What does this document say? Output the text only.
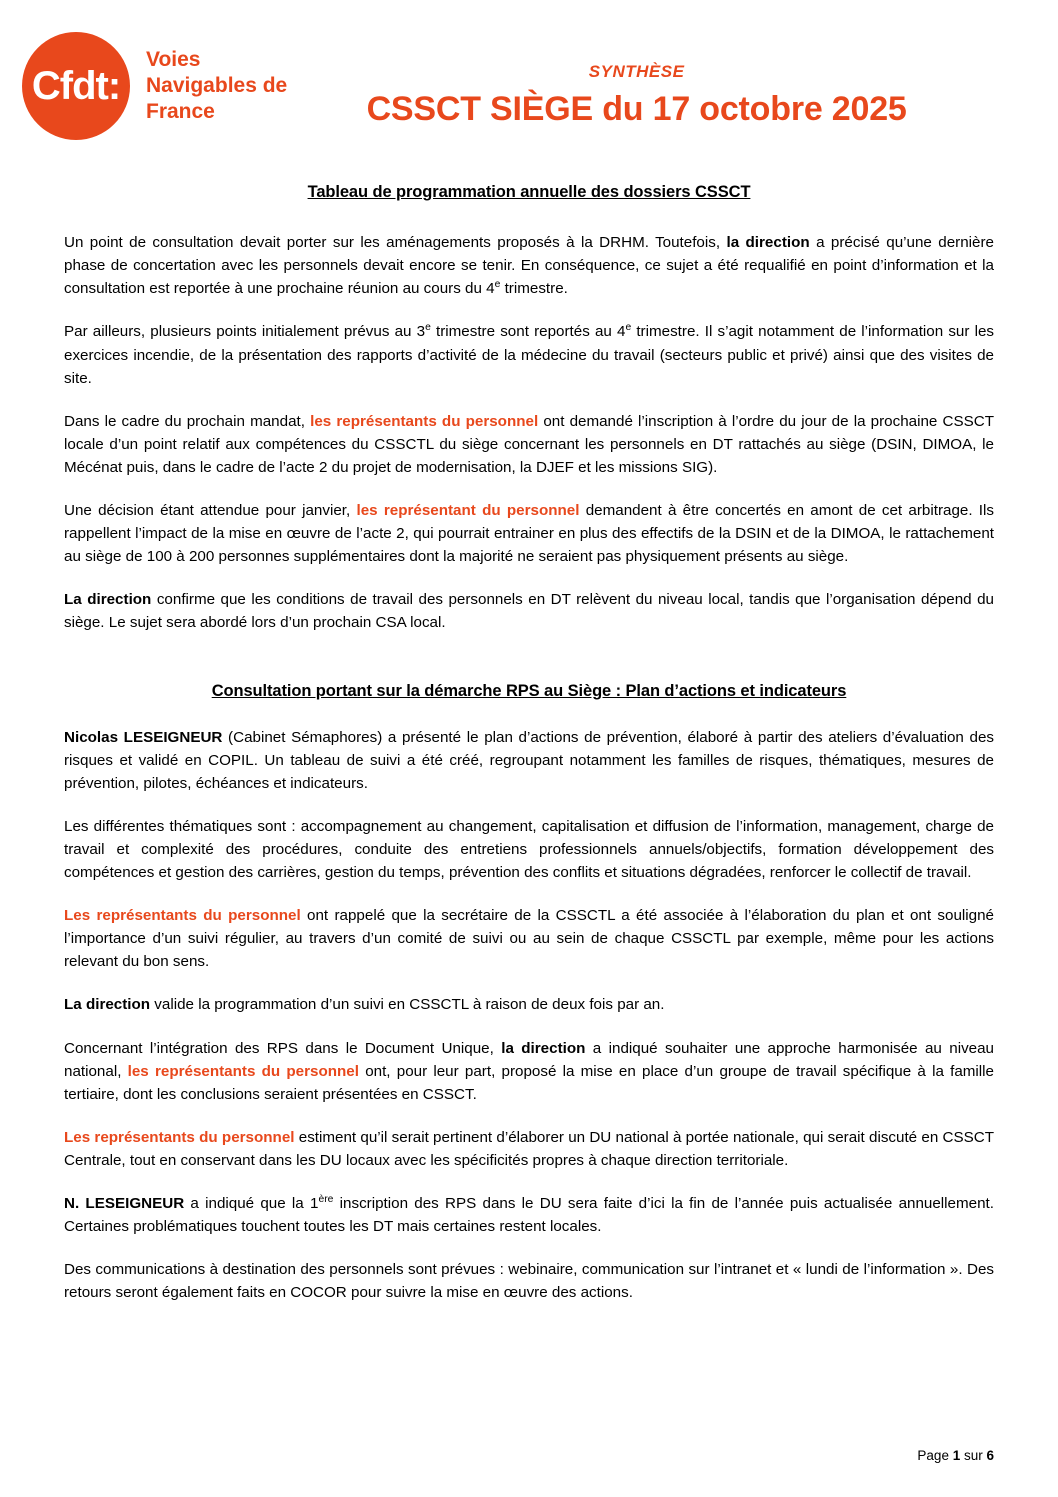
Cfdt:
Voies
Navigables de
France
SYNTHÈSE
CSSCT SIÈGE du 17 octobre 2025
Tableau de programmation annuelle des dossiers CSSCT

Un point de consultation devait porter sur les aménagements proposés à la DRHM. Toutefois, la direction a précisé qu’une dernière phase de concertation avec les personnels devait encore se tenir. En conséquence, ce sujet a été requalifié en point d’information et la consultation est reportée à une prochaine réunion au cours du 4e trimestre.

Par ailleurs, plusieurs points initialement prévus au 3e trimestre sont reportés au 4e trimestre. Il s’agit notamment de l’information sur les exercices incendie, de la présentation des rapports d’activité de la médecine du travail (secteurs public et privé) ainsi que des visites de site.

Dans le cadre du prochain mandat, les représentants du personnel ont demandé l’inscription à l’ordre du jour de la prochaine CSSCT locale d’un point relatif aux compétences du CSSCTL du siège concernant les personnels en DT rattachés au siège (DSIN, DIMOA, le Mécénat puis, dans le cadre de l’acte 2 du projet de modernisation, la DJEF et les missions SIG).

Une décision étant attendue pour janvier, les représentant du personnel demandent à être concertés en amont de cet arbitrage. Ils rappellent l’impact de la mise en œuvre de l’acte 2, qui pourrait entrainer en plus des effectifs de la DSIN et de la DIMOA, le rattachement au siège de 100 à 200 personnes supplémentaires dont la majorité ne seraient pas physiquement présents au siège.

La direction confirme que les conditions de travail des personnels en DT relèvent du niveau local, tandis que l’organisation dépend du siège. Le sujet sera abordé lors d’un prochain CSA local.

Consultation portant sur la démarche RPS au Siège : Plan d’actions et indicateurs

Nicolas LESEIGNEUR (Cabinet Sémaphores) a présenté le plan d’actions de prévention, élaboré à partir des ateliers d’évaluation des risques et validé en COPIL. Un tableau de suivi a été créé, regroupant notamment les familles de risques, thématiques, mesures de prévention, pilotes, échéances et indicateurs.

Les différentes thématiques sont : accompagnement au changement, capitalisation et diffusion de l’information, management, charge de travail et complexité des procédures, conduite des entretiens professionnels annuels/objectifs, formation développement des compétences et gestion des carrières, gestion du temps, prévention des conflits et situations dégradées, renforcer le collectif de travail.

Les représentants du personnel ont rappelé que la secrétaire de la CSSCTL a été associée à l’élaboration du plan et ont souligné l’importance d’un suivi régulier, au travers d’un comité de suivi ou au sein de chaque CSSCTL par exemple, même pour les actions relevant du bon sens.

La direction valide la programmation d’un suivi en CSSCTL à raison de deux fois par an.

Concernant l’intégration des RPS dans le Document Unique, la direction a indiqué souhaiter une approche harmonisée au niveau national, les représentants du personnel ont, pour leur part, proposé la mise en place d’un groupe de travail spécifique à la famille tertiaire, dont les conclusions seraient présentées en CSSCT.

Les représentants du personnel estiment qu’il serait pertinent d’élaborer un DU national à portée nationale, qui serait discuté en CSSCT Centrale, tout en conservant dans les DU locaux avec les spécificités propres à chaque direction territoriale.

N. LESEIGNEUR a indiqué que la 1ère inscription des RPS dans le DU sera faite d’ici la fin de l’année puis actualisée annuellement. Certaines problématiques touchent toutes les DT mais certaines restent locales.

Des communications à destination des personnels sont prévues : webinaire, communication sur l’intranet et « lundi de l’information ». Des retours seront également faits en COCOR pour suivre la mise en œuvre des actions.

Page 1 sur 6
